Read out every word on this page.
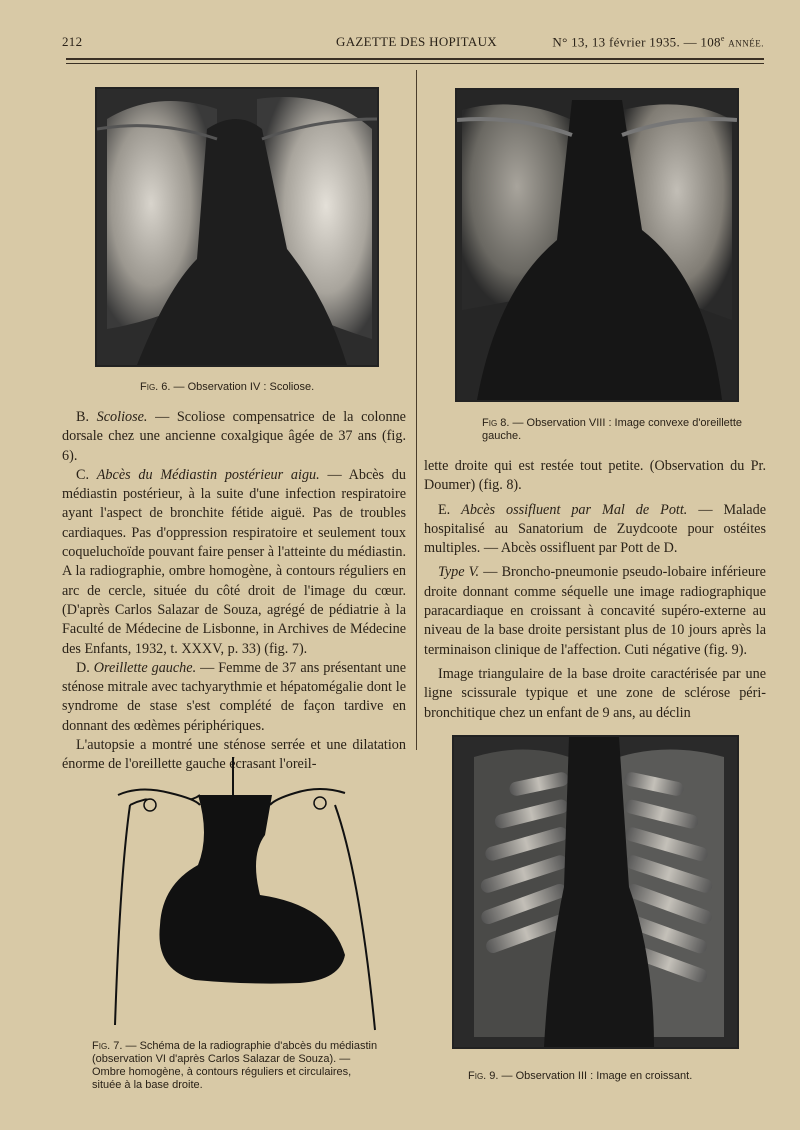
212	GAZETTE DES HOPITAUX	N° 13, 13 février 1935. — 108e ANNÉE.
Fig. 6. — Observation IV : Scoliose.

B. Scoliose. — Scoliose compensatrice de la colonne dorsale chez une ancienne coxalgique âgée de 37 ans (fig. 6).

C. Abcès du Médiastin postérieur aigu. — Abcès du médiastin postérieur, à la suite d'une infection respiratoire ayant l'aspect de bronchite fétide aiguë. Pas de troubles cardiaques. Pas d'oppression respiratoire et seulement toux coqueluchoïde pouvant faire penser à l'atteinte du médiastin. A la radiographie, ombre homogène, à contours réguliers en arc de cercle, située du côté droit de l'image du cœur. (D'après Carlos Salazar de Souza, agrégé de pédiatrie à la Faculté de Médecine de Lisbonne, in Archives de Médecine des Enfants, 1932, t. XXXV, p. 33) (fig. 7).

D. Oreillette gauche. — Femme de 37 ans présentant une sténose mitrale avec tachyarythmie et hépatomégalie dont le syndrome de stase s'est complété de façon tardive en donnant des œdèmes périphériques.

L'autopsie a montré une sténose serrée et une dilatation énorme de l'oreillette gauche écrasant l'oreil-

Fig. 7. — Schéma de la radiographie d'abcès du médiastin (observation VI d'après Carlos Salazar de Souza). — Ombre homogène, à contours réguliers et circulaires, située à la base droite.
Fig 8. — Observation VIII : Image convexe d'oreillette gauche.

lette droite qui est restée tout petite. (Observation du Pr. Doumer) (fig. 8).

E. Abcès ossifluent par Mal de Pott. — Malade hospitalisé au Sanatorium de Zuydcoote pour ostéites multiples. — Abcès ossifluent par Pott de D.

Type V. — Broncho-pneumonie pseudo-lobaire inférieure droite donnant comme séquelle une image radiographique paracardiaque en croissant à concavité supéro-externe au niveau de la base droite persistant plus de 10 jours après la terminaison clinique de l'affection. Cuti négative (fig. 9).

Image triangulaire de la base droite caractérisée par une ligne scissurale typique et une zone de sclérose péri-bronchitique chez un enfant de 9 ans, au déclin

Fig. 9. — Observation III : Image en croissant.
